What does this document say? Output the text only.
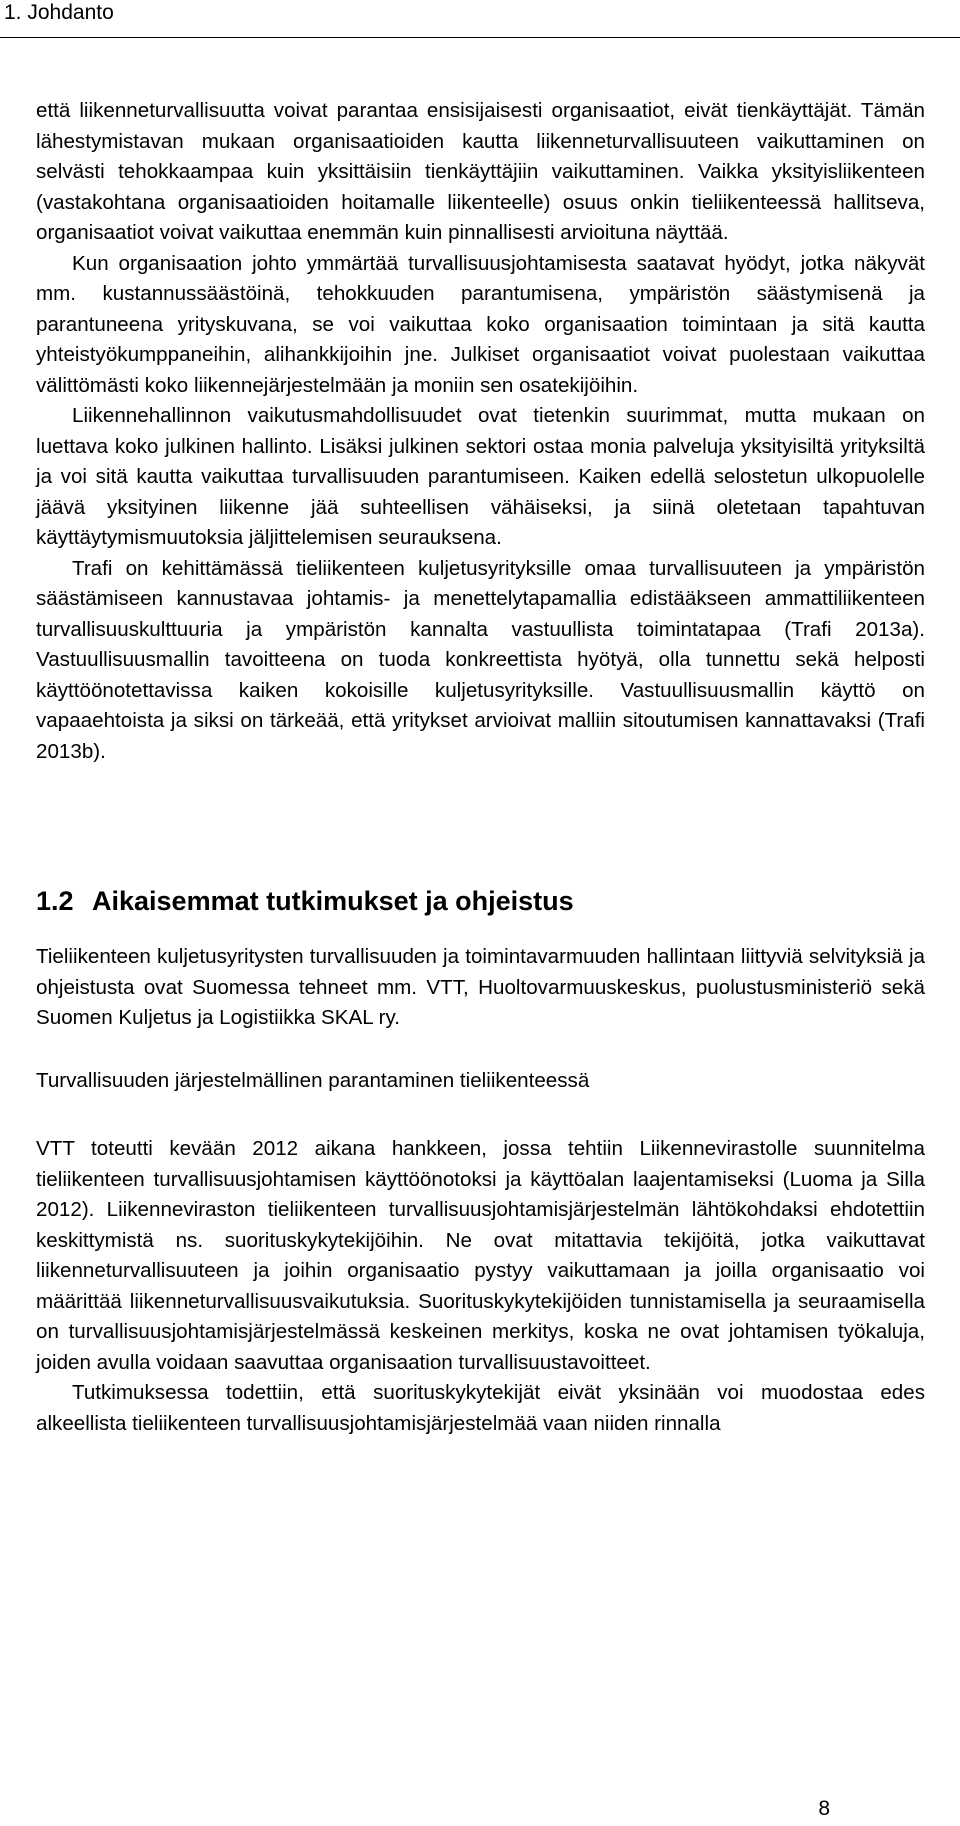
1. Johdanto

että liikenneturvallisuutta voivat parantaa ensisijaisesti organisaatiot, eivät tienkäyttäjät. Tämän lähestymistavan mukaan organisaatioiden kautta liikenneturvallisuuteen vaikuttaminen on selvästi tehokkaampaa kuin yksittäisiin tienkäyttäjiin vaikuttaminen. Vaikka yksityisliikenteen (vastakohtana organisaatioiden hoitamalle liikenteelle) osuus onkin tieliikenteessä hallitseva, organisaatiot voivat vaikuttaa enemmän kuin pinnallisesti arvioituna näyttää.

Kun organisaation johto ymmärtää turvallisuusjohtamisesta saatavat hyödyt, jotka näkyvät mm. kustannussäästöinä, tehokkuuden parantumisena, ympäristön säästymisenä ja parantuneena yrityskuvana, se voi vaikuttaa koko organisaation toimintaan ja sitä kautta yhteistyökumppaneihin, alihankkijoihin jne. Julkiset organisaatiot voivat puolestaan vaikuttaa välittömästi koko liikennejärjestelmään ja moniin sen osatekijöihin.

Liikennehallinnon vaikutusmahdollisuudet ovat tietenkin suurimmat, mutta mukaan on luettava koko julkinen hallinto. Lisäksi julkinen sektori ostaa monia palveluja yksityisiltä yrityksiltä ja voi sitä kautta vaikuttaa turvallisuuden parantumiseen. Kaiken edellä selostetun ulkopuolelle jäävä yksityinen liikenne jää suhteellisen vähäiseksi, ja siinä oletetaan tapahtuvan käyttäytymismuutoksia jäljittelemisen seurauksena.

Trafi on kehittämässä tieliikenteen kuljetusyrityksille omaa turvallisuuteen ja ympäristön säästämiseen kannustavaa johtamis- ja menettelytapamallia edistääkseen ammattiliikenteen turvallisuuskulttuuria ja ympäristön kannalta vastuullista toimintatapaa (Trafi 2013a). Vastuullisuusmallin tavoitteena on tuoda konkreettista hyötyä, olla tunnettu sekä helposti käyttöönotettavissa kaiken kokoisille kuljetusyrityksille. Vastuullisuusmallin käyttö on vapaaehtoista ja siksi on tärkeää, että yritykset arvioivat malliin sitoutumisen kannattavaksi (Trafi 2013b).

1.2 Aikaisemmat tutkimukset ja ohjeistus

Tieliikenteen kuljetusyritysten turvallisuuden ja toimintavarmuuden hallintaan liittyviä selvityksiä ja ohjeistusta ovat Suomessa tehneet mm. VTT, Huoltovarmuuskeskus, puolustusministeriö sekä Suomen Kuljetus ja Logistiikka SKAL ry.

Turvallisuuden järjestelmällinen parantaminen tieliikenteessä

VTT toteutti kevään 2012 aikana hankkeen, jossa tehtiin Liikennevirastolle suunnitelma tieliikenteen turvallisuusjohtamisen käyttöönotoksi ja käyttöalan laajentamiseksi (Luoma ja Silla 2012). Liikenneviraston tieliikenteen turvallisuusjohtamisjärjestelmän lähtökohdaksi ehdotettiin keskittymistä ns. suorituskykytekijöihin. Ne ovat mitattavia tekijöitä, jotka vaikuttavat liikenneturvallisuuteen ja joihin organisaatio pystyy vaikuttamaan ja joilla organisaatio voi määrittää liikenneturvallisuusvaikutuksia. Suorituskykytekijöiden tunnistamisella ja seuraamisella on turvallisuusjohtamisjärjestelmässä keskeinen merkitys, koska ne ovat johtamisen työkaluja, joiden avulla voidaan saavuttaa organisaation turvallisuustavoitteet.

Tutkimuksessa todettiin, että suorituskykytekijät eivät yksinään voi muodostaa edes alkeellista tieliikenteen turvallisuusjohtamisjärjestelmää vaan niiden rinnalla

8
